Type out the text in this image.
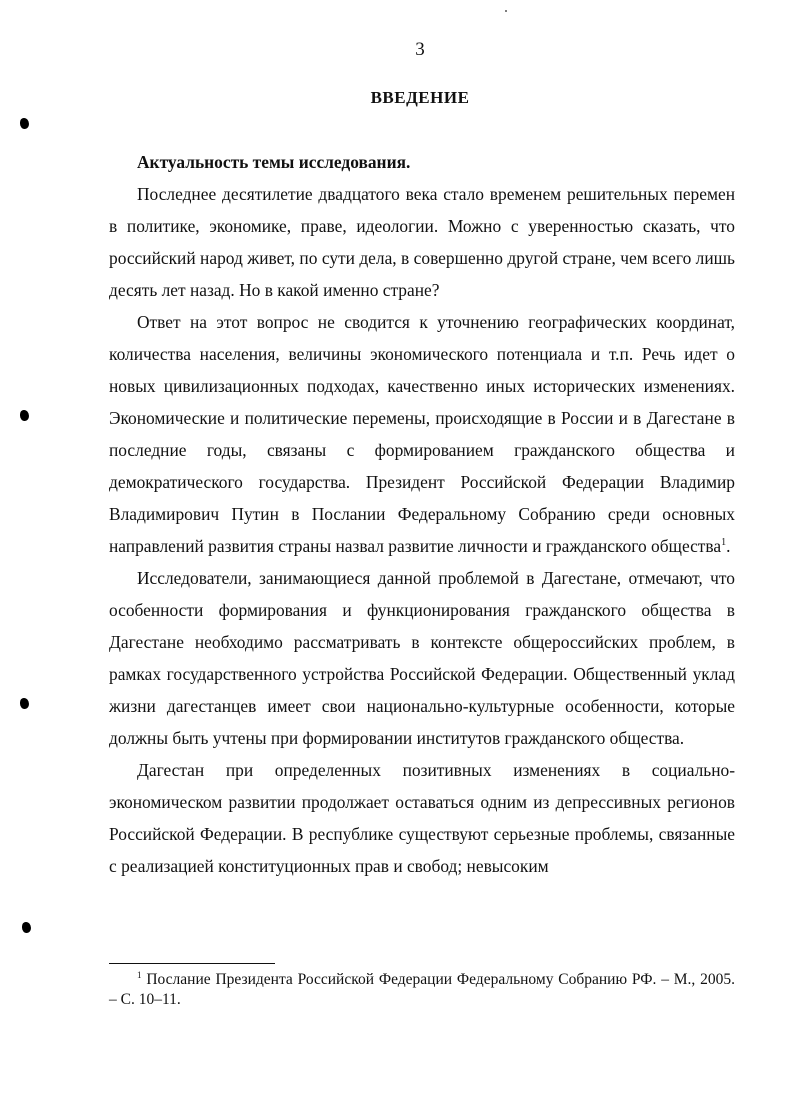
3
ВВЕДЕНИЕ

Актуальность темы исследования.

Последнее десятилетие двадцатого века стало временем решительных перемен в политике, экономике, праве, идеологии. Можно с уверенностью сказать, что российский народ живет, по сути дела, в совершенно другой стране, чем всего лишь десять лет назад. Но в какой именно стране?

Ответ на этот вопрос не сводится к уточнению географических координат, количества населения, величины экономического потенциала и т.п. Речь идет о новых цивилизационных подходах, качественно иных исторических изменениях. Экономические и политические перемены, происходящие в России и в Дагестане в последние годы, связаны с формированием гражданского общества и демократического государства. Президент Российской Федерации Владимир Владимирович Путин в Послании Федеральному Собранию среди основных направлений развития страны назвал развитие личности и гражданского общества$^1$.

Исследователи, занимающиеся данной проблемой в Дагестане, отмечают, что особенности формирования и функционирования гражданского общества в Дагестане необходимо рассматривать в контексте общероссийских проблем, в рамках государственного устройства Российской Федерации. Общественный уклад жизни дагестанцев имеет свои национально-культурные особенности, которые должны быть учтены при формировании институтов гражданского общества.

Дагестан при определенных позитивных изменениях в социально-экономическом развитии продолжает оставаться одним из депрессивных регионов Российской Федерации. В республике существуют серьезные проблемы, связанные с реализацией конституционных прав и свобод; невысоким

$^1$ Послание Президента Российской Федерации Федеральному Собранию РФ. – М., 2005. – С. 10–11.
